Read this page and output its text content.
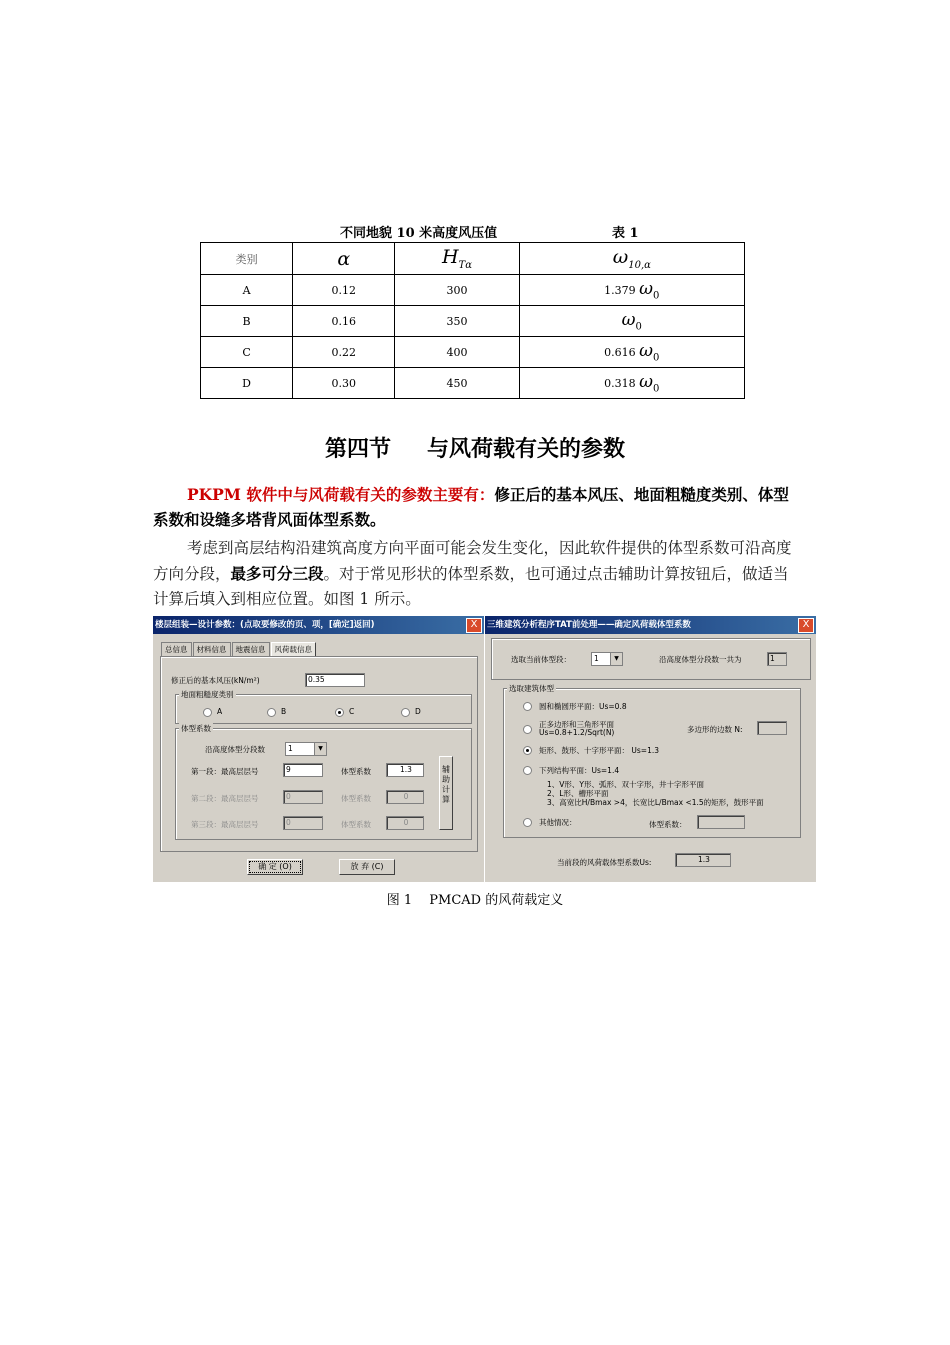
不同地貌 10 米高度风压值	表 1
类别	α	$H_{T\alpha}$	$\omega_{10,\alpha}$
A	0.12	300	1.379 $\omega_0$
B	0.16	350	$\omega_0$
C	0.22	400	0.616 $\omega_0$
D	0.30	450	0.318 $\omega_0$
第四节 与风荷载有关的参数
PKPM 软件中与风荷载有关的参数主要有：修正后的基本风压、地面粗糙度类别、体型系数和设缝多塔背风面体型系数。
考虑到高层结构沿建筑高度方向平面可能会发生变化，因此软件提供的体型系数可沿高度方向分段，最多可分三段。对于常见形状的体型系数，也可通过点击辅助计算按钮后，做适当计算后填入到相应位置。如图 1 所示。
楼层组装—设计参数：(点取要修改的页、项，[确定]返回)	X
总信息	材料信息	地震信息	风荷载信息
修正后的基本风压(kN/m²)	0.35
地面粗糙度类别
A	B	C	D
体型系数
沿高度体型分段数	1	▼
第一段：最高层层号	9	体型系数	1.3
第二段：最高层层号	0	体型系数	0
第三段：最高层层号	0	体型系数	0
辅助计算
确 定 (O)	放 弃 (C)
三维建筑分析程序TAT前处理——确定风荷载体型系数	X
选取当前体型段：	1	▼	沿高度体型分段数一共为	1
选取建筑体型
圆和椭圆形平面：Us=0.8
正多边形和三角形平面
Us=0.8+1.2/Sqrt(N)	多边形的边数 N:
矩形、鼓形、十字形平面： Us=1.3
下列结构平面：Us=1.4
1、V形、Y形、弧形、双十字形，井十字形平面
2、L形、槽形平面
3、高宽比H/Bmax >4，长宽比L/Bmax <1.5的矩形，鼓形平面
其他情况：	体型系数：
当前段的风荷载体型系数Us:	1.3
图 1　 PMCAD 的风荷载定义
